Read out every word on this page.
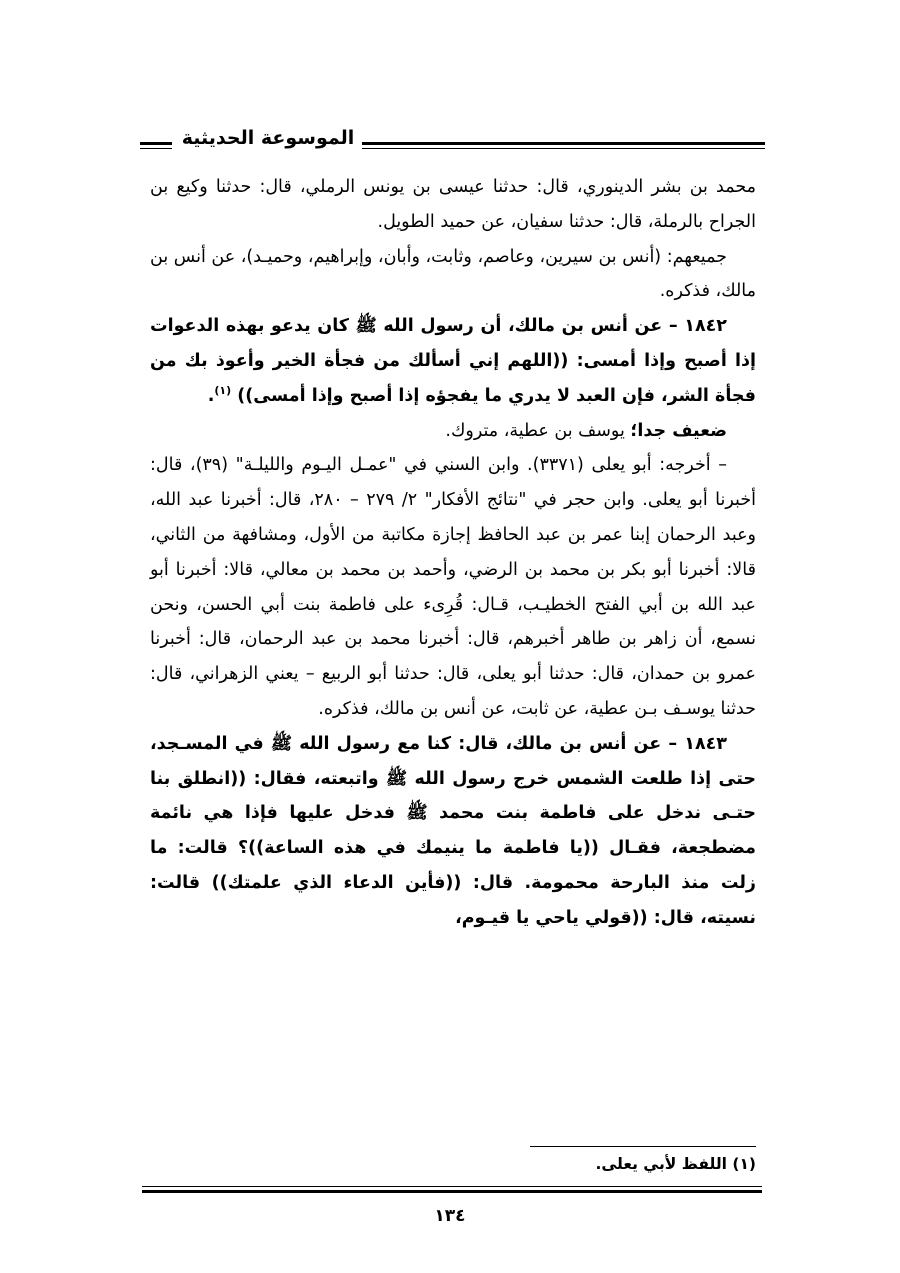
الموسوعة الحديثية

محمد بن بشر الدينوري، قال: حدثنا عيسى بن يونس الرملي، قال: حدثنا وكيع بن الجراح بالرملة، قال: حدثنا سفيان، عن حميد الطويل.

جميعهم: (أنس بن سيرين، وعاصم، وثابت، وأبان، وإبراهيم، وحميـد)، عن أنس بن مالك، فذكره.

١٨٤٢ – عن أنس بن مالك، أن رسول الله ﷺ كان يدعو بهذه الدعوات إذا أصبح وإذا أمسى: ((اللهم إني أسألك من فجأة الخير وأعوذ بك من فجأة الشر، فإن العبد لا يدري ما يفجؤه إذا أصبح وإذا أمسى)) $^{(١)}$.

ضعيف جدا؛ يوسف بن عطية، متروك.

– أخرجه: أبو يعلى (٣٣٧١). وابن السني في "عمـل اليـوم والليلـة" (٣٩)، قال: أخبرنا أبو يعلى. وابن حجر في "نتائج الأفكار" ٢/ ٢٧٩ – ٢٨٠، قال: أخبرنا عبد الله، وعبد الرحمان إبنا عمر بن عبد الحافظ إجازة مكاتبة من الأول، ومشافهة من الثاني، قالا: أخبرنا أبو بكر بن محمد بن الرضي، وأحمد بن محمد بن معالي، قالا: أخبرنا أبو عبد الله بن أبي الفتح الخطيـب، قـال: قُرِىء على فاطمة بنت أبي الحسن، ونحن نسمع، أن زاهر بن طاهر أخبرهم، قال: أخبرنا محمد بن عبد الرحمان، قال: أخبرنا عمرو بن حمدان، قال: حدثنا أبو يعلى، قال: حدثنا أبو الربيع – يعني الزهراني، قال: حدثنا يوسـف بـن عطية، عن ثابت، عن أنس بن مالك، فذكره.

١٨٤٣ – عن أنس بن مالك، قال: كنا مع رسول الله ﷺ في المسـجد، حتى إذا طلعت الشمس خرج رسول الله ﷺ واتبعته، فقال: ((انطلق بنا حتـى ندخل على فاطمة بنت محمد ﷺ فدخل عليها فإذا هي نائمة مضطجعة، فقـال ((يا فاطمة ما ينيمك في هذه الساعة))؟ قالت: ما زلت منذ البارحة محمومة. قال: ((فأين الدعاء الذي علمتك)) قالت: نسيته، قال: ((قولي ياحي يا قيـوم،

(١) اللفظ لأبي يعلى.
١٣٤
